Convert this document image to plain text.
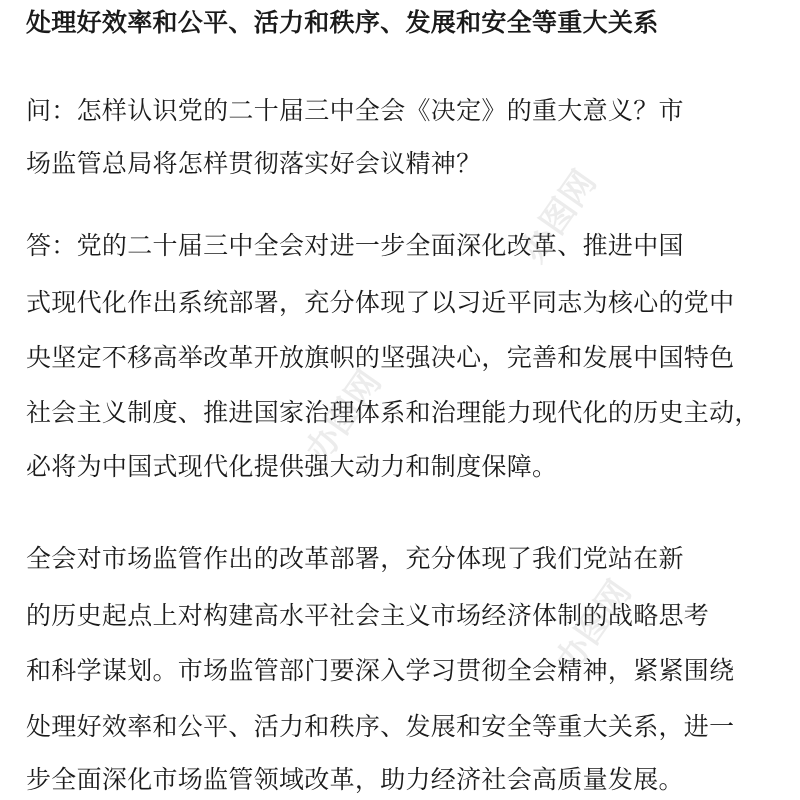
处理好效率和公平、活力和秩序、发展和安全等重大关系
问：怎样认识党的二十届三中全会《决定》的重大意义？市
场监管总局将怎样贯彻落实好会议精神？
答：党的二十届三中全会对进一步全面深化改革、推进中国
式现代化作出系统部署，充分体现了以习近平同志为核心的党中
央坚定不移高举改革开放旗帜的坚强决心，完善和发展中国特色
社会主义制度、推进国家治理体系和治理能力现代化的历史主动，
必将为中国式现代化提供强大动力和制度保障。
全会对市场监管作出的改革部署，充分体现了我们党站在新
的历史起点上对构建高水平社会主义市场经济体制的战略思考
和科学谋划。市场监管部门要深入学习贯彻全会精神，紧紧围绕
处理好效率和公平、活力和秩序、发展和安全等重大关系，进一
步全面深化市场监管领域改革，助力经济社会高质量发展。
办图网
办图网
办图网
